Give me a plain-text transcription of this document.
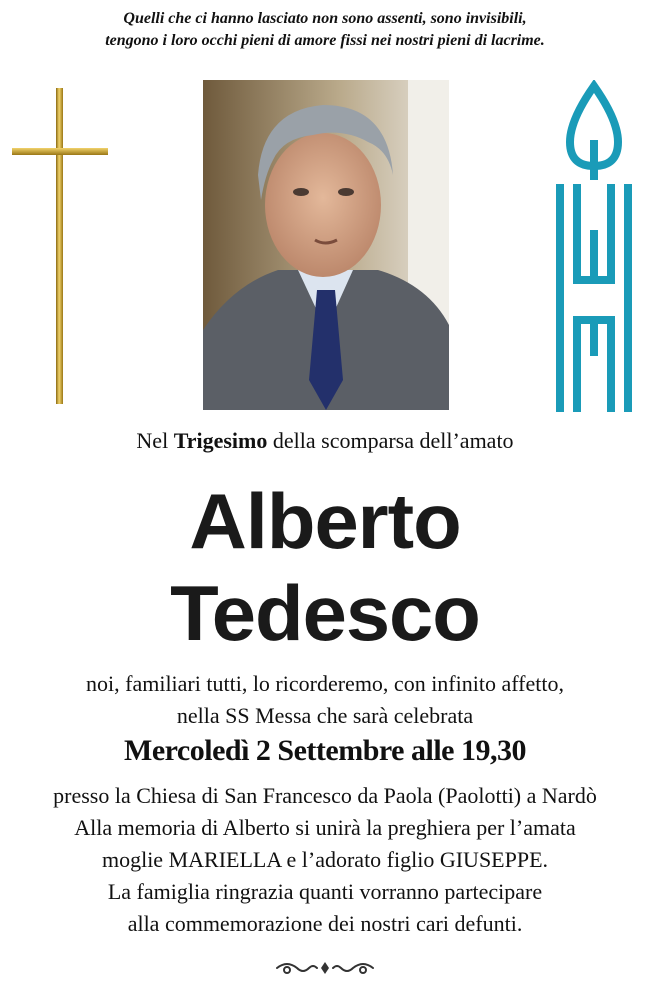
Quelli che ci hanno lasciato non sono assenti, sono invisibili,
tengono i loro occhi pieni di amore fissi nei nostri pieni di lacrime.
Nel Trigesimo della scomparsa dell’amato
Alberto
Tedesco
noi, familiari tutti, lo ricorderemo, con infinito affetto,
nella SS Messa che sarà celebrata
Mercoledì 2 Settembre alle 19,30
presso la Chiesa di San Francesco da Paola (Paolotti) a Nardò
Alla memoria di Alberto si unirà la preghiera per l’amata
moglie MARIELLA e l’adorato figlio GIUSEPPE.
La famiglia ringrazia quanti vorranno partecipare
alla commemorazione dei nostri cari defunti.
